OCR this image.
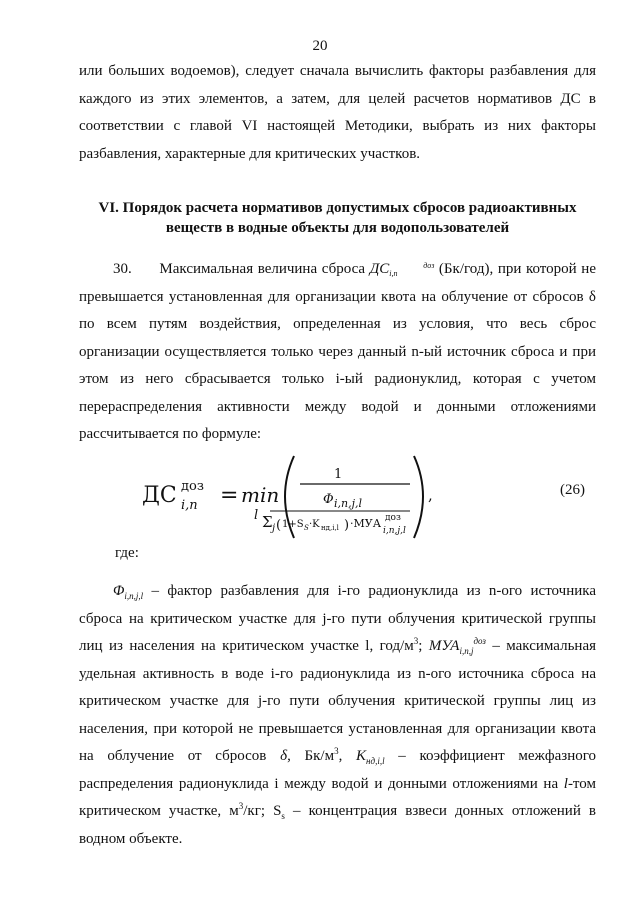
20

или больших водоемов), следует сначала вычислить факторы разбавления для каждого из этих элементов, а затем, для целей расчетов нормативов ДС в соответствии с главой VI настоящей Методики, выбрать из них факторы разбавления, характерные для критических участков.

VI. Порядок расчета нормативов допустимых сбросов радиоактивных
веществ в водные объекты для водопользователей

30. Максимальная величина сброса ДС	доз
i,n	(Бк/год), при которой не превышается установленная для организации квота на облучение от сбросов δ по всем путям воздействия, определенная из условия, что весь сброс организации осуществляется только через данный n-ый источник сброса и при этом из него сбрасывается только i-ый радионуклид, которая с учетом перераспределения активности между водой и донными отложениями рассчитывается по формуле:

ДС доз
i,n = min
l
1
Φ i,n,j,l
Σ j ( 1+S S ·K нд,i,l ) ·МУА доз
i,n,j,l
,	(26)
где:

$\Phi_{i,n,j,l}$ – фактор разбавления для i-го радионуклида из n-ого источника сброса на критическом участке для j-го пути облучения критической группы лиц из населения на критическом участке l, год/$м^3$; $МУА_{i,n,j}^{доз}$ – максимальная удельная активность в воде i-го радионуклида из n-ого источника сброса на критическом участке для j-го пути облучения критической группы лиц из населения, при которой не превышается установленная для организации квота на облучение от сбросов δ, $Бк/м^3$, $K_{нд,i,l}$ – коэффициент межфазного распределения радионуклида i между водой и донными отложениями на l-том критическом участке, $м^3/кг$; $S_s$ – концентрация взвеси донных отложений в водном объекте.
